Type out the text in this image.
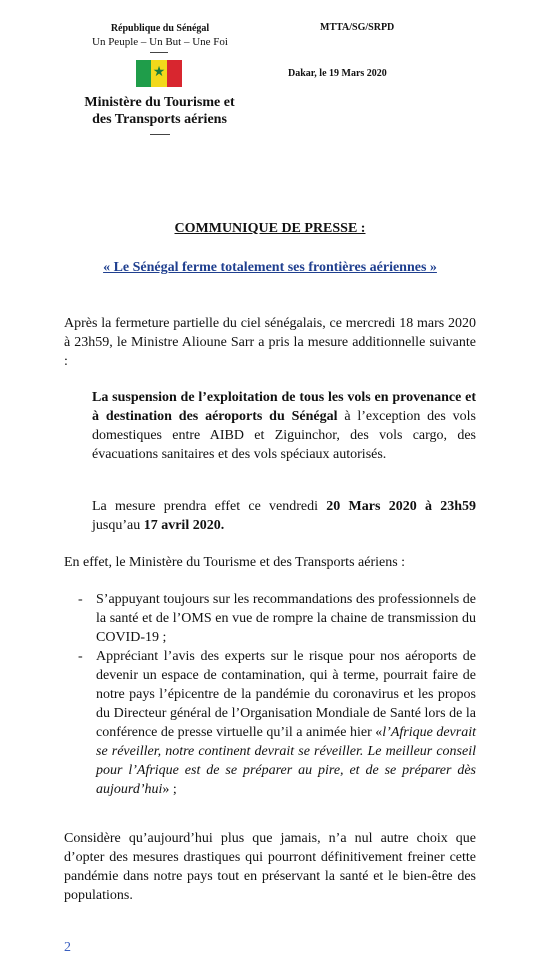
République du Sénégal
Un Peuple – Un But – Une Foi
★
Ministère du Tourisme et
des Transports aériens
MTTA/SG/SRPD
Dakar, le 19 Mars 2020
COMMUNIQUE DE PRESSE :
« Le Sénégal ferme totalement ses frontières aériennes »
Après la fermeture partielle du ciel sénégalais, ce mercredi 18 mars 2020 à 23h59, le Ministre Alioune Sarr a pris la mesure additionnelle suivante :
La suspension de l’exploitation de tous les vols en provenance et à destination des aéroports du Sénégal à l’exception des vols domestiques entre AIBD et Ziguinchor, des vols cargo, des évacuations sanitaires et des vols spéciaux autorisés.
La mesure prendra effet ce vendredi 20 Mars 2020 à 23h59 jusqu’au 17 avril 2020.
En effet, le Ministère du Tourisme et des Transports aériens :
- S’appuyant toujours sur les recommandations des professionnels de la santé et de l’OMS en vue de rompre la chaine de transmission du COVID-19 ;
- Appréciant l’avis des experts sur le risque pour nos aéroports de devenir un espace de contamination, qui à terme, pourrait faire de notre pays l’épicentre de la pandémie du coronavirus et les propos du Directeur général de l’Organisation Mondiale de Santé lors de la conférence de presse virtuelle qu’il a animée hier «l’Afrique devrait se réveiller, notre continent devrait se réveiller. Le meilleur conseil pour l’Afrique est de se préparer au pire, et de se préparer dès aujourd’hui» ;
Considère qu’aujourd’hui plus que jamais, n’a nul autre choix que d’opter des mesures drastiques qui pourront définitivement freiner cette pandémie dans notre pays tout en préservant la santé et le bien-être des populations.
2
